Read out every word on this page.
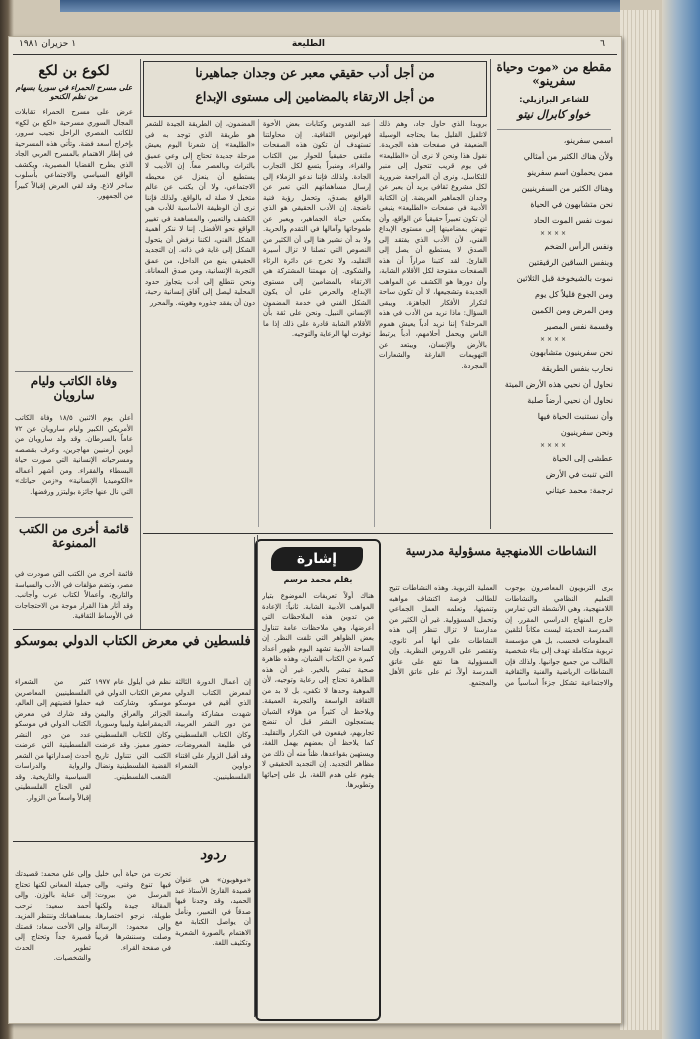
٦
الطليعة
١ حزيران ١٩٨١
مقطع من «موت وحياة سفرينو»
للشاعر البرازيلي:
خواو كابرال نيتو
اسمي سفرينو،
ولأن هناك الكثير من أمثالي
ممن يحملون اسم سفرينو
وهناك الكثير من السفرينيين
نحن متشابهون في الحياة
نموت نفس الموت الحاد
××××
ونفس الرأس الضخم
وبنفس الساقين الرقيقتين
نموت بالشيخوخة قبل الثلاثين
ومن الجوع قليلاً كل يوم
ومن المرض ومن الكمين
وقسمة نفس المصير
××××
نحن سفرينيون متشابهون
نحارب بنفس الطريقة
نحاول أن نحيي هذه الأرض الميتة
نحاول أن نحيي أرضاً صلبة
وأن نستنبت الحياة فيها
ونحن سفرينيون
××××
عطشى إلى الحياة
التي تنبت في الأرض
ترجمة: محمد عيتاني
من أجل أدب حقيقي معبر عن وجدان جماهيرنا
من أجل الارتقاء بالمضامين إلى مستوى الإبداع
بروبدا الذي حاول جاد، وهم ذلك لاتلقيل القليل بما يحتاجه الوسيلة الضعيفة في صفحات هذه الجريدة. نقول هذا ونحن لا نرى أن «الطليعة» في يوم قريب تتحول إلى منبر للتكاسل، ونرى أن المراجعة ضرورية لكل مشروع ثقافي يريد أن يعبر عن وجدان الجماهير العريضة. إن الكتابة الأدبية في صفحات «الطليعة» ينبغي أن تكون تعبيراً حقيقياً عن الواقع، وأن تنهض بمضامينها إلى مستوى الإبداع الفني، لأن الأدب الذي يفتقد إلى الصدق لا يستطيع أن يصل إلى القارئ. لقد كتبنا مراراً أن هذه الصفحات مفتوحة لكل الأقلام الشابة، وأن دورها هو الكشف عن المواهب الجديدة وتشجيعها، لا أن تكون ساحة لتكرار الأفكار الجاهزة. ويبقى السؤال: ماذا نريد من الأدب في هذه المرحلة؟ إننا نريد أدباً يعيش هموم الناس ويحمل أحلامهم، أدباً يرتبط بالأرض والإنسان، ويبتعد عن التهويمات الفارغة والشعارات المجردة.
عبد القدوس وكتابات بعض الأخوة فهرانوس الثقافية. إن محاولتنا تستهدف أن تكون هذه الصفحات ملتقى حقيقياً للحوار بين الكتاب والقراء، ومنبراً يتسع لكل التجارب الجادة. ولذلك فإننا ندعو الزملاء إلى إرسال مساهماتهم التي تعبر عن الواقع بصدق، وتحمل رؤية فنية ناضجة. إن الأدب الحقيقي هو الذي يعكس حياة الجماهير، ويعبر عن طموحاتها وآمالها في التقدم والحرية. ولا بد أن نشير هنا إلى أن الكثير من النصوص التي تصلنا لا تزال أسيرة التقليد، ولا تخرج عن دائرة الرثاء والشكوى. إن مهمتنا المشتركة هي الارتقاء بالمضامين إلى مستوى الإبداع، والحرص على أن يكون الشكل الفني في خدمة المضمون الإنساني النبيل. ونحن على ثقة بأن الأقلام الشابة قادرة على ذلك إذا ما توفرت لها الرعاية والتوجيه.
المضمون، إن الطريقة الجيدة للشعر هو طريقة الذي توجد به في «الطليعة» إن شعرنا اليوم يعيش مرحلة جديدة تحتاج إلى وعي عميق بالتراث وبالعصر معاً. إن الأديب لا يستطيع أن ينعزل عن محيطه الاجتماعي، ولا أن يكتب عن عالم متخيل لا صلة له بالواقع. ولذلك فإننا نرى أن الوظيفة الأساسية للأدب هي الكشف والتعبير، والمساهمة في تغيير الواقع نحو الأفضل. إننا لا ننكر أهمية الشكل الفني، لكننا نرفض أن يتحول الشكل إلى غاية في ذاته. إن التجديد الحقيقي ينبع من الداخل، من عمق التجربة الإنسانية، ومن صدق المعاناة. ونحن نتطلع إلى أدب يتجاوز حدود المحلية ليصل إلى آفاق إنسانية رحبة، دون أن يفقد جذوره وهويته. والمحرر
لكوع بن لكع
على مسرح الحمراء في سوريا بسهام من نظم الكنحو
عرض على مسرح الحمراء تقابلات المجال السوري مسرحية «لكع بن لكع» للكاتب المصري الراحل نجيب سرور، بإخراج أسعد فضة. وتأتي هذه المسرحية في إطار الاهتمام بالمسرح العربي الجاد الذي يطرح القضايا المصيرية، ويكشف الواقع السياسي والاجتماعي بأسلوب ساخر لاذع. وقد لقي العرض إقبالاً كبيراً من الجمهور.
وفاة الكاتب وليام سارويان
أعلن يوم الاثنين ١٨/٥ وفاة الكاتب الأمريكي الكبير وليام سارويان عن ٧٢ عاماً بالسرطان. وقد ولد سارويان من أبوين أرمنيين مهاجرين، وعرف بقصصه ومسرحياته الإنسانية التي صورت حياة البسطاء والفقراء. ومن أشهر أعماله «الكوميديا الإنسانية» و«زمن حياتك» التي نال عنها جائزة بوليتزر ورفضها.
قائمة أخرى من الكتب الممنوعة
قائمة أخرى من الكتب التي صودرت في مصر، وتضم مؤلفات في الأدب والسياسة والتاريخ، وأعمالاً لكتاب عرب وأجانب. وقد أثار هذا القرار موجة من الاحتجاجات في الأوساط الثقافية.
النشاطات اللامنهجية مسؤولية مدرسية
يرى التربويون المعاصرون بوجوب التعليم النظامي والنشاطات اللامنهجية، وهي الأنشطة التي تمارس خارج المنهاج الدراسي المقرر. إن المدرسة الحديثة ليست مكاناً لتلقين المعلومات فحسب، بل هي مؤسسة تربوية متكاملة تهدف إلى بناء شخصية الطالب من جميع جوانبها. ولذلك فإن النشاطات الرياضية والفنية والثقافية والاجتماعية تشكل جزءاً أساسياً من العملية التربوية. وهذه النشاطات تتيح للطالب فرصة اكتشاف مواهبه وتنميتها، وتعلمه العمل الجماعي وتحمل المسؤولية. غير أن الكثير من مدارسنا لا تزال تنظر إلى هذه النشاطات على أنها أمر ثانوي، وتقتصر على الدروس النظرية. وإن المسؤولية هنا تقع على عاتق المدرسة أولاً، ثم على عاتق الأهل والمجتمع.
إشارة
بقلم محمد مرسم
هناك أولاً تعريفات الموضوع بتيار المواهب الأدبية الشابة. ثانياً: الإعادة من تدوين هذه الملاحظات التي أعرضها، وهي ملاحظات عامة تتناول بعض الظواهر التي تلفت النظر. إن الساحة الأدبية تشهد اليوم ظهور أعداد كبيرة من الكتاب الشبان، وهذه ظاهرة صحية تبشر بالخير. غير أن هذه الظاهرة تحتاج إلى رعاية وتوجيه، لأن الموهبة وحدها لا تكفي، بل لا بد من الثقافة الواسعة والتجربة العميقة. ويلاحظ أن كثيراً من هؤلاء الشبان يستعجلون النشر قبل أن تنضج تجاربهم، فيقعون في التكرار والتقليد. كما يلاحظ أن بعضهم يهمل اللغة، ويستهين بقواعدها، ظناً منه أن ذلك من مظاهر التجديد. إن التجديد الحقيقي لا يقوم على هدم اللغة، بل على إحيائها وتطويرها.
فلسطين في معرض الكتاب الدولي بموسكو
كثير من الشعراء الفلسطينيين المعاصرين حملوا قضيتهم إلى العالم، وقد شارك في معرض الكتاب الدولي في موسكو عدد من دور النشر الفلسطينية التي عرضت أحدث إصداراتها من الشعر والرواية والدراسات السياسية والتاريخية. وقد لقي الجناح الفلسطيني إقبالاً واسعاً من الزوار.
نظم في أيلول عام ١٩٧٧ معرض الكتاب الدولي في موسكو، وشاركت فيه الجزائر والعراق واليمن الديمقراطية وليبيا وسوريا، وكان للكتاب الفلسطيني حضور مميز. وقد عرضت الكتب التي تتناول تاريخ القضية الفلسطينية ونضال الشعب الفلسطيني.
إن أعمال الدورة الثالثة لمعرض الكتاب الدولي الذي أقيم في موسكو شهدت مشاركة واسعة من دور النشر العربية، وكان الكتاب الفلسطيني في طليعة المعروضات، وقد أقبل الزوار على اقتناء دواوين الشعراء الفلسطينيين.
ردود
وإلى علي محمد: قصيدتك جميلة المعاني لكنها تحتاج إلى عناية بالوزن. وإلى أحمد سعيد: نرحب بمساهماتك وننتظر المزيد. وإلى الأخت سعاد: قصتك قصيرة جداً وتحتاج إلى تطوير الحدث والشخصيات.
تحرت من حياة أبي خليل فيها تنوع وغنى، وإلى المرسل من بيروت: المقالة جيدة ولكنها طويلة، نرجو اختصارها. وإلى محمود: الرسالة وصلت وسننشرها قريباً في صفحة القراء.
«موهوبون» هي عنوان قصيدة القارئ الأستاذ عبد الحميد، وقد وجدنا فيها صدقاً في التعبير، ونأمل أن يواصل الكتابة مع الاهتمام بالصورة الشعرية وتكثيف اللغة.
